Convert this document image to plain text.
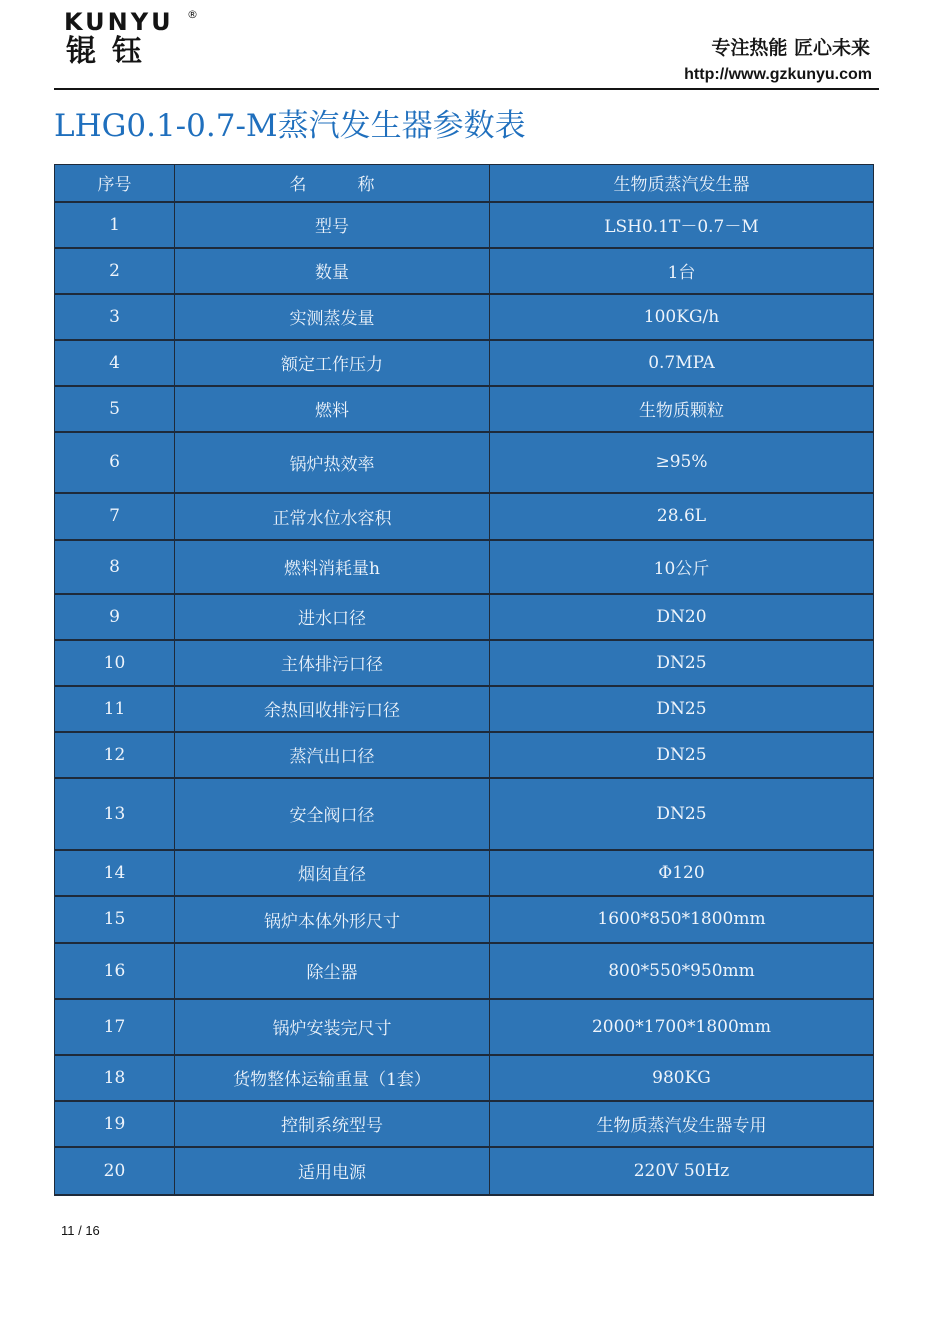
KUNYU ®
锟钰	专注热能 匠心未来
http://www.gzkunyu.com
LHG0.1-0.7-M蒸汽发生器参数表
序号	名　　　称	生物质蒸汽发生器
1	型号	LSH0.1T－0.7－M
2	数量	1台
3	实测蒸发量	100KG/h
4	额定工作压力	0.7MPA
5	燃料	生物质颗粒
6	锅炉热效率	≥95%
7	正常水位水容积	28.6L
8	燃料消耗量h	10公斤
9	进水口径	DN20
10	主体排污口径	DN25
11	余热回收排污口径	DN25
12	蒸汽出口径	DN25
13	安全阀口径	DN25
14	烟囱直径	Φ120
15	锅炉本体外形尺寸	1600*850*1800mm
16	除尘器	800*550*950mm
17	锅炉安装完尺寸	2000*1700*1800mm
18	货物整体运输重量（1套）	980KG
19	控制系统型号	生物质蒸汽发生器专用
20	适用电源	220V 50Hz
11 / 16
